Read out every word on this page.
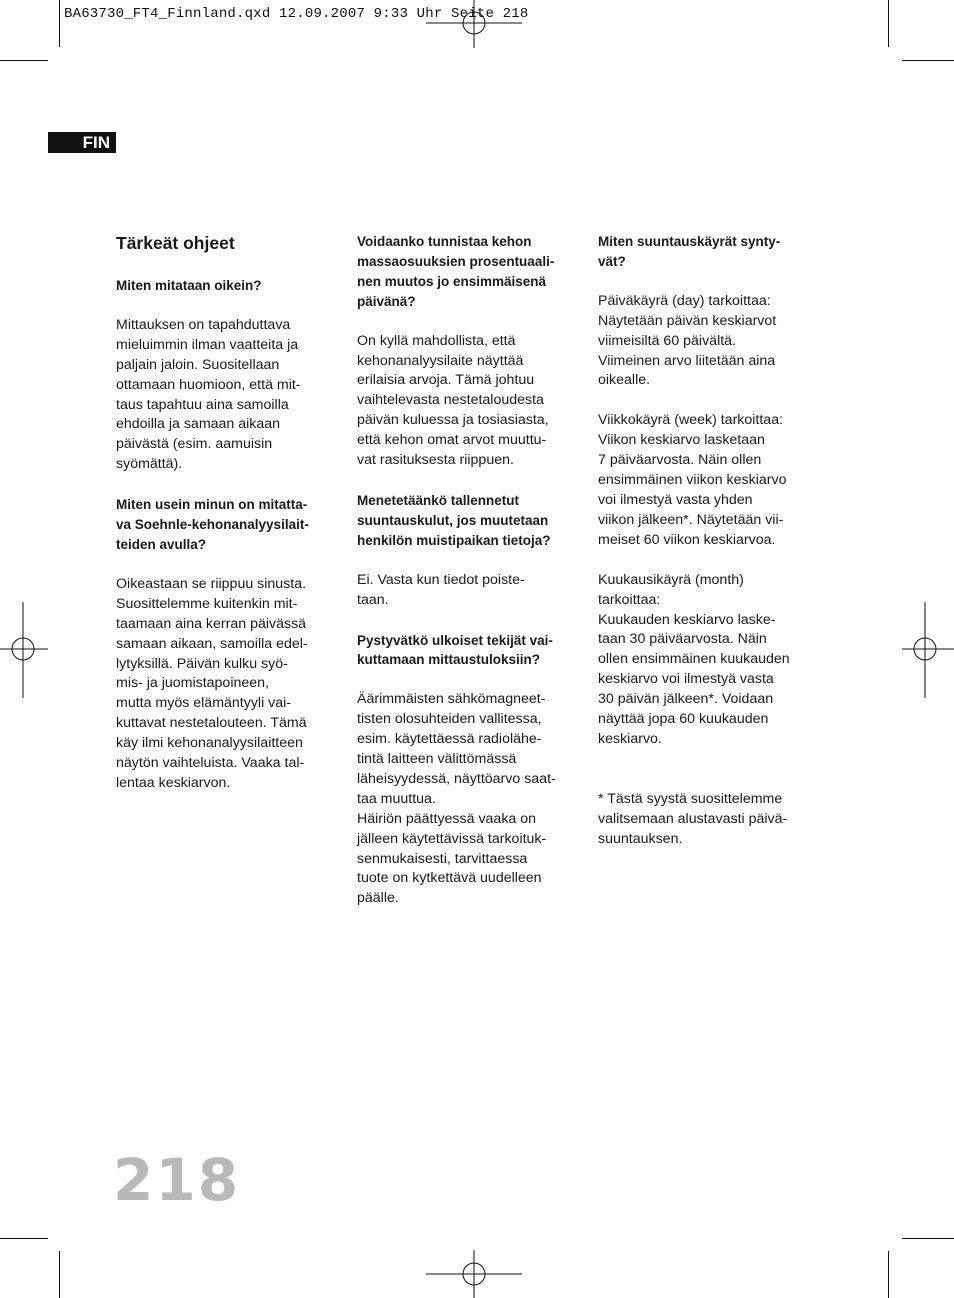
BA63730_FT4_Finnland.qxd 12.09.2007 9:33 Uhr Seite 218
FIN
Tärkeät ohjeet

Miten mitataan oikein?

Mittauksen on tapahduttava
mieluimmin ilman vaatteita ja
paljain jaloin. Suositellaan
ottamaan huomioon, että mit-
taus tapahtuu aina samoilla
ehdoilla ja samaan aikaan
päivästä (esim. aamuisin
syömättä).

Miten usein minun on mitatta-
va Soehnle-kehonanalyysilait-
teiden avulla?

Oikeastaan se riippuu sinusta.
Suosittelemme kuitenkin mit-
taamaan aina kerran päivässä
samaan aikaan, samoilla edel-
lytyksillä. Päivän kulku syö-
mis- ja juomistapoineen,
mutta myös elämäntyyli vai-
kuttavat nestetalouteen. Tämä
käy ilmi kehonanalyysilaitteen
näytön vaihteluista. Vaaka tal-
lentaa keskiarvon.

Voidaanko tunnistaa kehon
massaosuuksien prosentuaali-
nen muutos jo ensimmäisenä
päivänä?

On kyllä mahdollista, että
kehonanalyysilaite näyttää
erilaisia arvoja. Tämä johtuu
vaihtelevasta nestetaloudesta
päivän kuluessa ja tosiasiasta,
että kehon omat arvot muuttu-
vat rasituksesta riippuen.

Menetetäänkö tallennetut
suuntauskulut, jos muutetaan
henkilön muistipaikan tietoja?

Ei. Vasta kun tiedot poiste-
taan.

Pystyvätkö ulkoiset tekijät vai-
kuttamaan mittaustuloksiin?

Äärimmäisten sähkömagneet-
tisten olosuhteiden vallitessa,
esim. käytettäessä radiolähe-
tintä laitteen välittömässä
läheisyydessä, näyttöarvo saat-
taa muuttua.

Häiriön päättyessä vaaka on
jälleen käytettävissä tarkoituk-
senmukaisesti, tarvittaessa
tuote on kytkettävä uudelleen
päälle.

Miten suuntauskäyrät synty-
vät?

Päiväkäyrä (day) tarkoittaa:
Näytetään päivän keskiarvot
viimeisiltä 60 päivältä.
Viimeinen arvo liitetään aina
oikealle.

Viikkokäyrä (week) tarkoittaa:
Viikon keskiarvo lasketaan
7 päiväarvosta. Näin ollen
ensimmäinen viikon keskiarvo
voi ilmestyä vasta yhden
viikon jälkeen*. Näytetään vii-
meiset 60 viikon keskiarvoa.

Kuukausikäyrä (month)
tarkoittaa:
Kuukauden keskiarvo laske-
taan 30 päiväarvosta. Näin
ollen ensimmäinen kuukauden
keskiarvo voi ilmestyä vasta
30 päivän jälkeen*. Voidaan
näyttää jopa 60 kuukauden
keskiarvo.

* Tästä syystä suosittelemme
valitsemaan alustavasti päivä-
suuntauksen.

218
